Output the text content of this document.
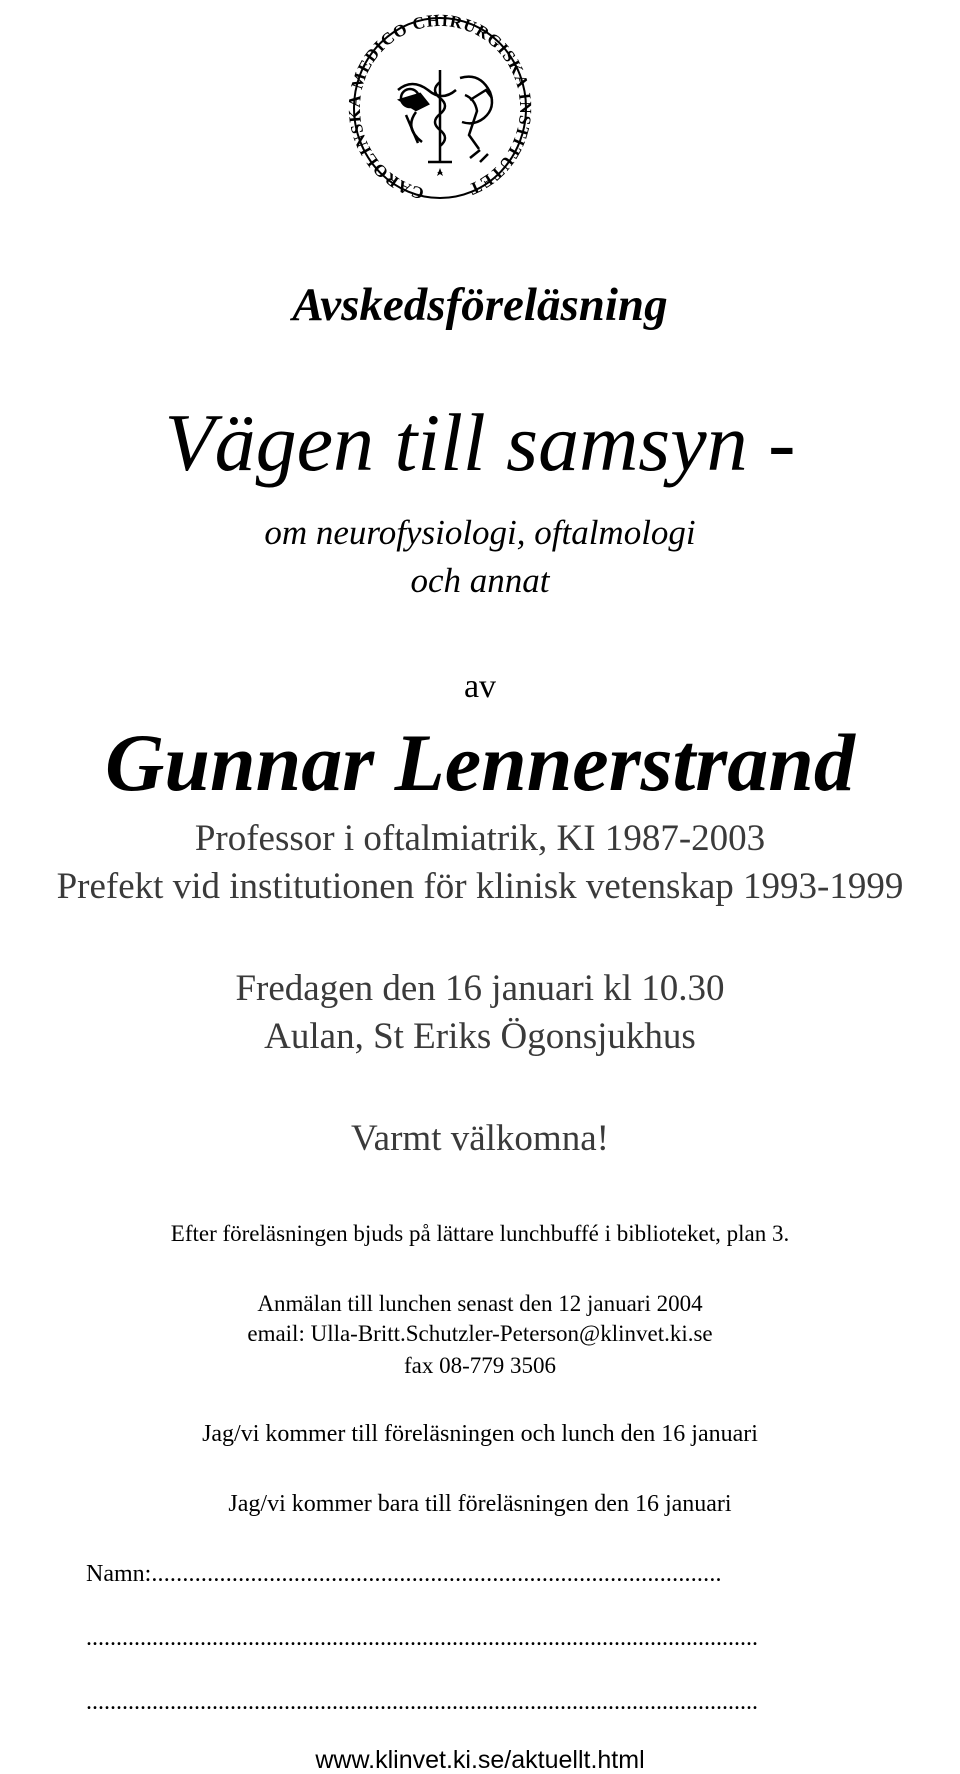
CAROLINSKA MEDICO CHIRURGISKA INSTITUTET
Avskedsföreläsning
Vägen till samsyn -
om neurofysiologi, oftalmologi
och annat
av
Gunnar Lennerstrand
Professor i oftalmiatrik, KI 1987-2003
Prefekt vid institutionen för klinisk vetenskap 1993-1999
Fredagen den 16 januari kl 10.30
Aulan, St Eriks Ögonsjukhus
Varmt välkomna!
Efter föreläsningen bjuds på lättare lunchbuffé i biblioteket, plan 3.
Anmälan till lunchen senast den 12 januari 2004
email: Ulla-Britt.Schutzler-Peterson@klinvet.ki.se
fax 08-779 3506
Jag/vi kommer till föreläsningen och lunch den 16 januari
Jag/vi kommer bara till föreläsningen den 16 januari
Namn:............................................................................................
................................................................................................................
................................................................................................................
www.klinvet.ki.se/aktuellt.html
